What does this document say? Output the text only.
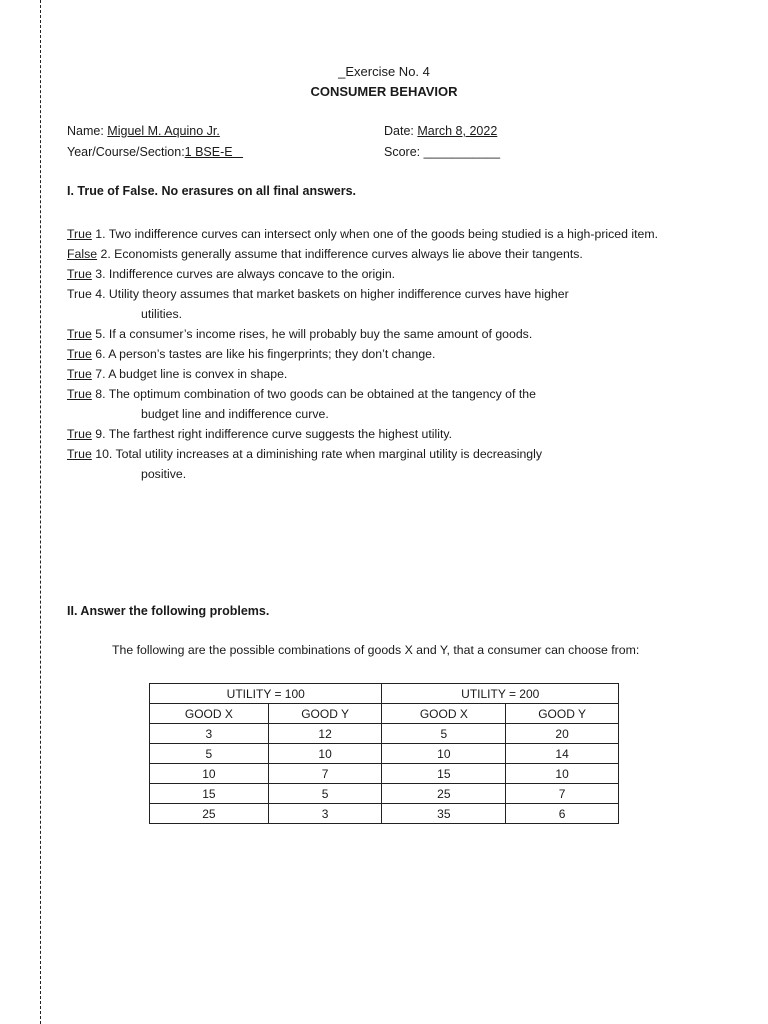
_Exercise No. 4
CONSUMER BEHAVIOR
Name: Miguel M. Aquino Jr.	Date: March 8, 2022
Year/Course/Section:1 BSE-E	Score: ___________
I. True of False. No erasures on all final answers.
True 1. Two indifference curves can intersect only when one of the goods being studied is a high-priced item.
False 2. Economists generally assume that indifference curves always lie above their tangents.
True 3. Indifference curves are always concave to the origin.
True 4. Utility theory assumes that market baskets on higher indifference curves have higher
utilities.
True 5. If a consumer’s income rises, he will probably buy the same amount of goods.
True 6. A person’s tastes are like his fingerprints; they don’t change.
True 7. A budget line is convex in shape.
True 8. The optimum combination of two goods can be obtained at the tangency of the
budget line and indifference curve.
True 9. The farthest right indifference curve suggests the highest utility.
True 10. Total utility increases at a diminishing rate when marginal utility is decreasingly
positive.
II. Answer the following problems.
The following are the possible combinations of goods X and Y, that a consumer can choose from:
UTILITY = 100		UTILITY = 200	
GOOD X	GOOD Y	GOOD X	GOOD Y
3	12	5	20
5	10	10	14
10	7	15	10
15	5	25	7
25	3	35	6
